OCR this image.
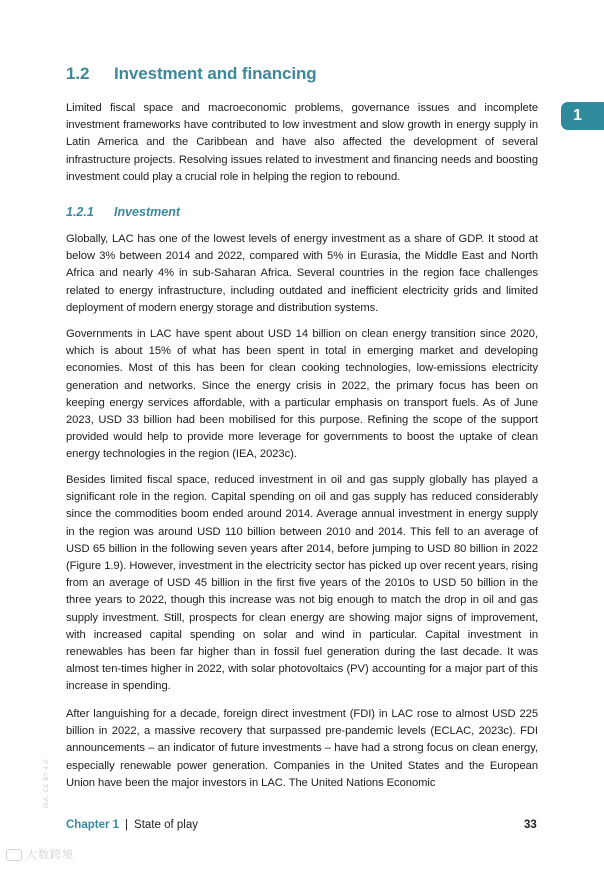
1.2 Investment and financing
1

Limited fiscal space and macroeconomic problems, governance issues and incomplete investment frameworks have contributed to low investment and slow growth in energy supply in Latin America and the Caribbean and have also affected the development of several infrastructure projects. Resolving issues related to investment and financing needs and boosting investment could play a crucial role in helping the region to rebound.

1.2.1 Investment

Globally, LAC has one of the lowest levels of energy investment as a share of GDP. It stood at below 3% between 2014 and 2022, compared with 5% in Eurasia, the Middle East and North Africa and nearly 4% in sub-Saharan Africa. Several countries in the region face challenges related to energy infrastructure, including outdated and inefficient electricity grids and limited deployment of modern energy storage and distribution systems.

Governments in LAC have spent about USD 14 billion on clean energy transition since 2020, which is about 15% of what has been spent in total in emerging market and developing economies. Most of this has been for clean cooking technologies, low-emissions electricity generation and networks. Since the energy crisis in 2022, the primary focus has been on keeping energy services affordable, with a particular emphasis on transport fuels. As of June 2023, USD 33 billion had been mobilised for this purpose. Refining the scope of the support provided would help to provide more leverage for governments to boost the uptake of clean energy technologies in the region (IEA, 2023c).

Besides limited fiscal space, reduced investment in oil and gas supply globally has played a significant role in the region. Capital spending on oil and gas supply has reduced considerably since the commodities boom ended around 2014. Average annual investment in energy supply in the region was around USD 110 billion between 2010 and 2014. This fell to an average of USD 65 billion in the following seven years after 2014, before jumping to USD 80 billion in 2022 (Figure 1.9). However, investment in the electricity sector has picked up over recent years, rising from an average of USD 45 billion in the first five years of the 2010s to USD 50 billion in the three years to 2022, though this increase was not big enough to match the drop in oil and gas supply investment. Still, prospects for clean energy are showing major signs of improvement, with increased capital spending on solar and wind in particular. Capital investment in renewables has been far higher than in fossil fuel generation during the last decade. It was almost ten-times higher in 2022, with solar photovoltaics (PV) accounting for a major part of this increase in spending.

After languishing for a decade, foreign direct investment (FDI) in LAC rose to almost USD 225 billion in 2022, a massive recovery that surpassed pre-pandemic levels (ECLAC, 2023c). FDI announcements – an indicator of future investments – have had a strong focus on clean energy, especially renewable power generation. Companies in the United States and the European Union have been the major investors in LAC. The United Nations Economic

IEA. CC BY 4.0.
Chapter 1 | State of play	33
大数跨境
